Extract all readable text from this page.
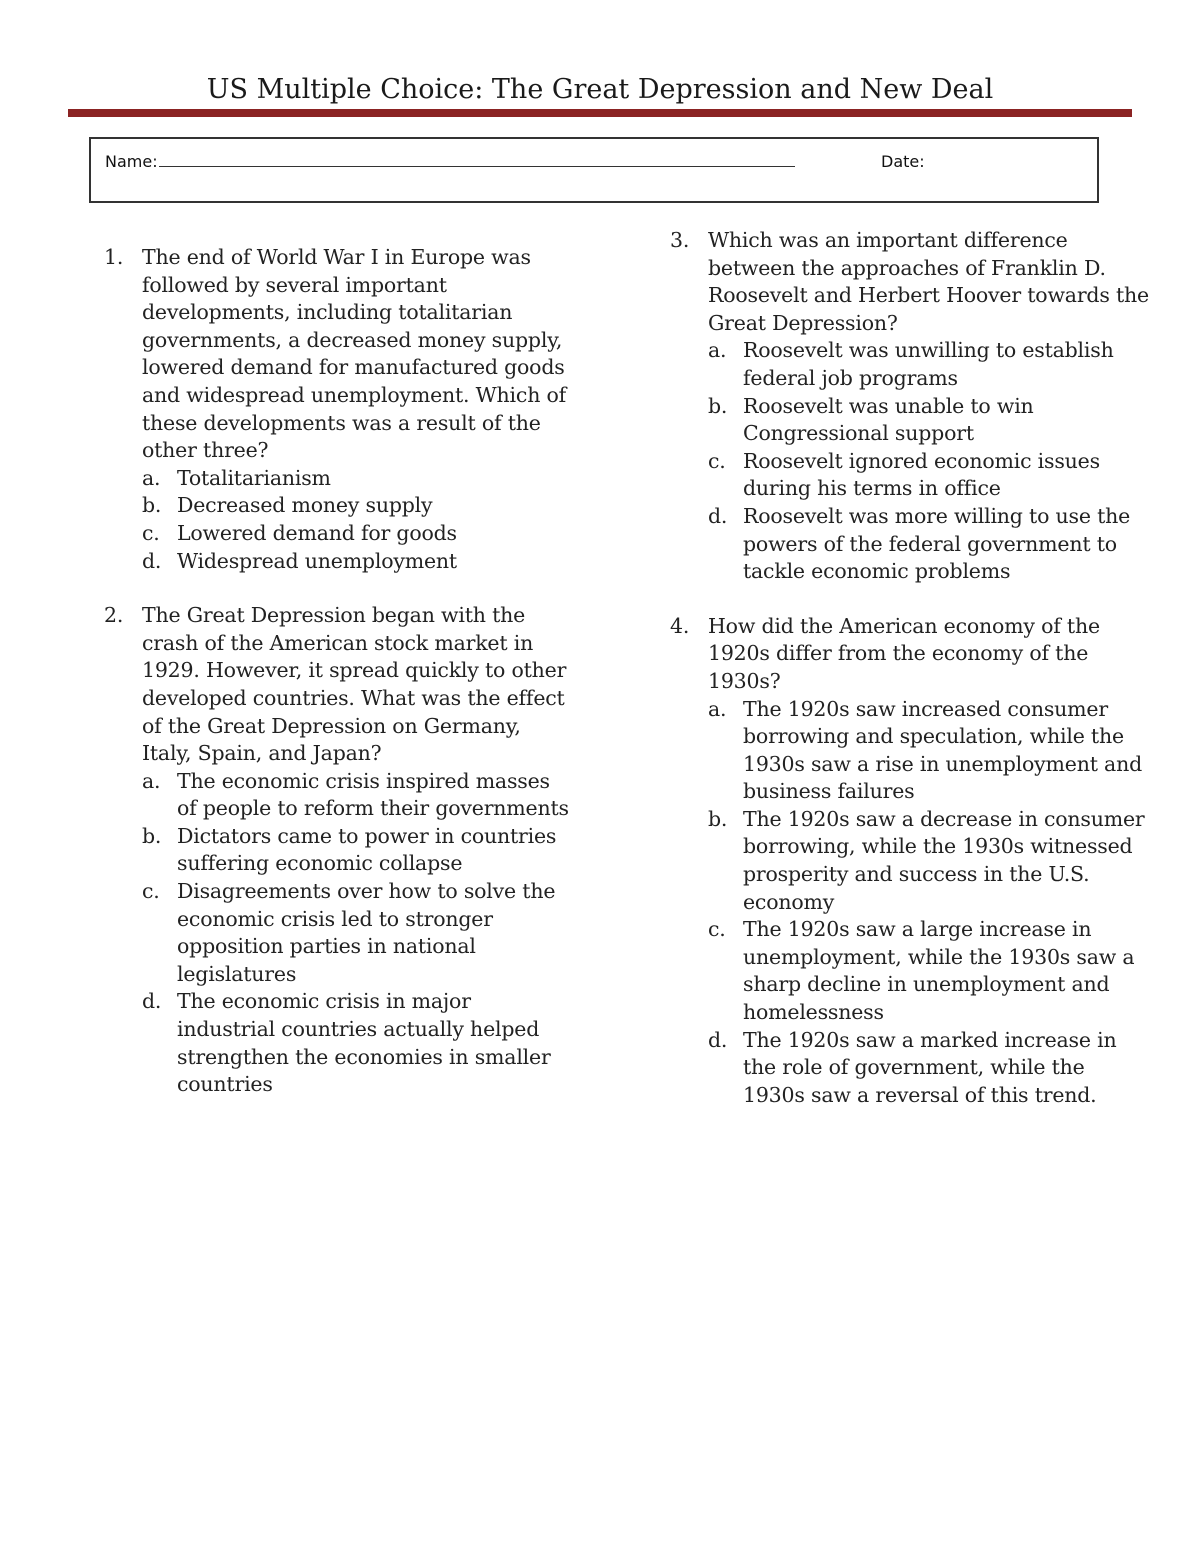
US Multiple Choice: The Great Depression and New Deal
Name:	Date:
1. The end of World War I in Europe was followed by several important developments, including totalitarian governments, a decreased money supply, lowered demand for manufactured goods and widespread unemployment. Which of these developments was a result of the other three?
a. Totalitarianism
b. Decreased money supply
c. Lowered demand for goods
d. Widespread unemployment
2. The Great Depression began with the crash of the American stock market in 1929. However, it spread quickly to other developed countries. What was the effect of the Great Depression on Germany, Italy, Spain, and Japan?
a. The economic crisis inspired masses of people to reform their governments
b. Dictators came to power in countries suffering economic collapse
c. Disagreements over how to solve the economic crisis led to stronger opposition parties in national legislatures
d. The economic crisis in major industrial countries actually helped strengthen the economies in smaller countries
3. Which was an important difference between the approaches of Franklin D. Roosevelt and Herbert Hoover towards the Great Depression?
a. Roosevelt was unwilling to establish federal job programs
b. Roosevelt was unable to win Congressional support
c. Roosevelt ignored economic issues during his terms in office
d. Roosevelt was more willing to use the powers of the federal government to tackle economic problems
4. How did the American economy of the 1920s differ from the economy of the 1930s?
a. The 1920s saw increased consumer borrowing and speculation, while the 1930s saw a rise in unemployment and business failures
b. The 1920s saw a decrease in consumer borrowing, while the 1930s witnessed prosperity and success in the U.S. economy
c. The 1920s saw a large increase in unemployment, while the 1930s saw a sharp decline in unemployment and homelessness
d. The 1920s saw a marked increase in the role of government, while the 1930s saw a reversal of this trend.
